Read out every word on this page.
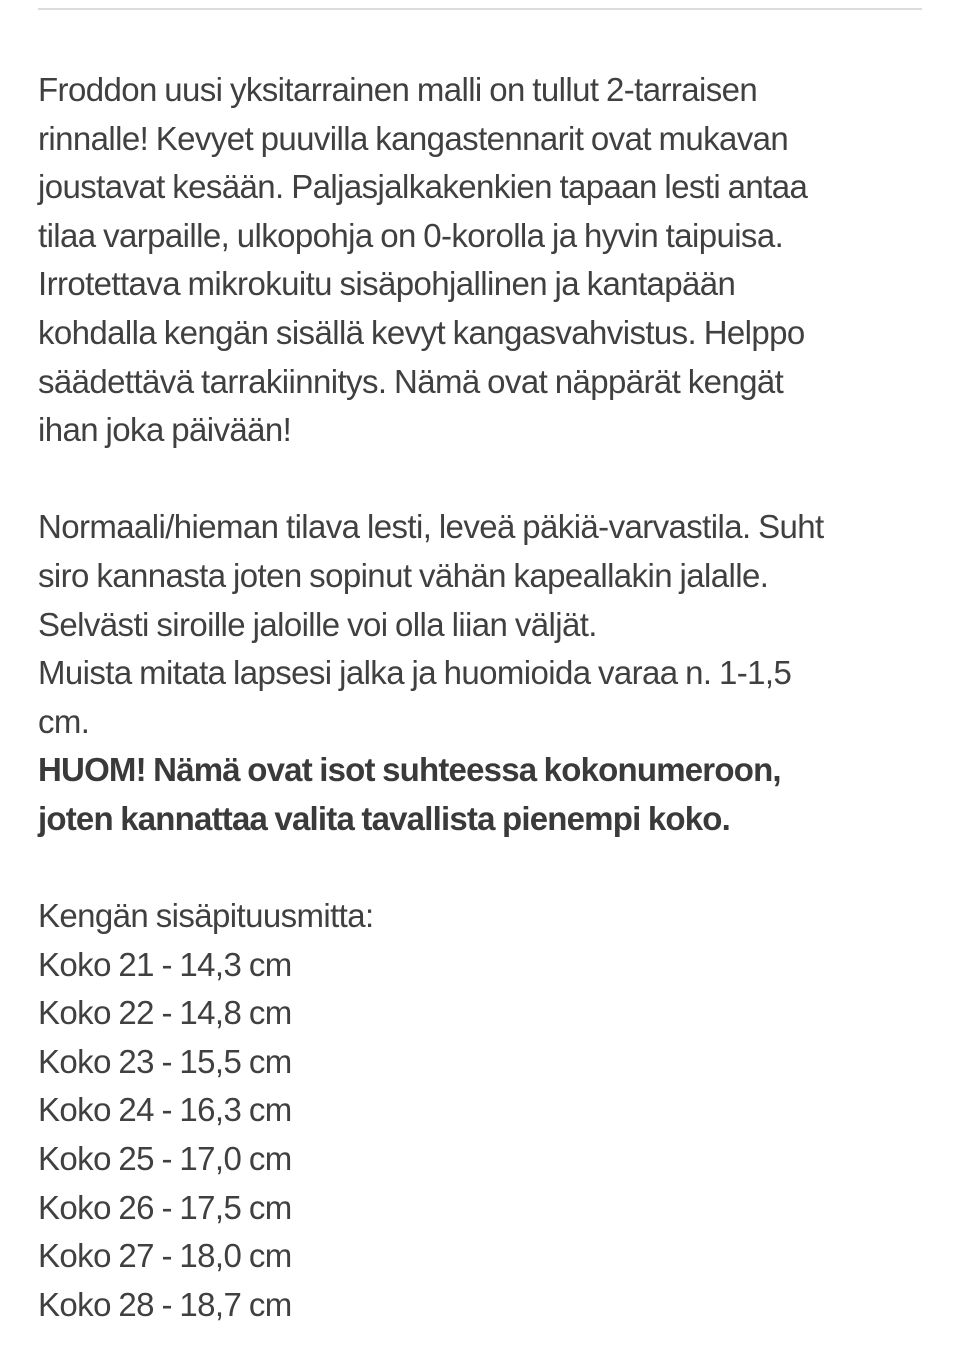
Froddon uusi yksitarrainen malli on tullut 2-tarraisen
rinnalle! Kevyet puuvilla kangastennarit ovat mukavan
joustavat kesään. Paljasjalkakenkien tapaan lesti antaa
tilaa varpaille, ulkopohja on 0-korolla ja hyvin taipuisa.
Irrotettava mikrokuitu sisäpohjallinen ja kantapään
kohdalla kengän sisällä kevyt kangasvahvistus. Helppo
säädettävä tarrakiinnitys. Nämä ovat näppärät kengät
ihan joka päivään!

Normaali/hieman tilava lesti, leveä päkiä-varvastila. Suht
siro kannasta joten sopinut vähän kapeallakin jalalle.
Selvästi siroille jaloille voi olla liian väljät.
Muista mitata lapsesi jalka ja huomioida varaa n. 1-1,5
cm.
HUOM! Nämä ovat isot suhteessa kokonumeroon,
joten kannattaa valita tavallista pienempi koko.

Kengän sisäpituusmitta:
Koko 21 - 14,3 cm
Koko 22 - 14,8 cm
Koko 23 - 15,5 cm
Koko 24 - 16,3 cm
Koko 25 - 17,0 cm
Koko 26 - 17,5 cm
Koko 27 - 18,0 cm
Koko 28 - 18,7 cm
